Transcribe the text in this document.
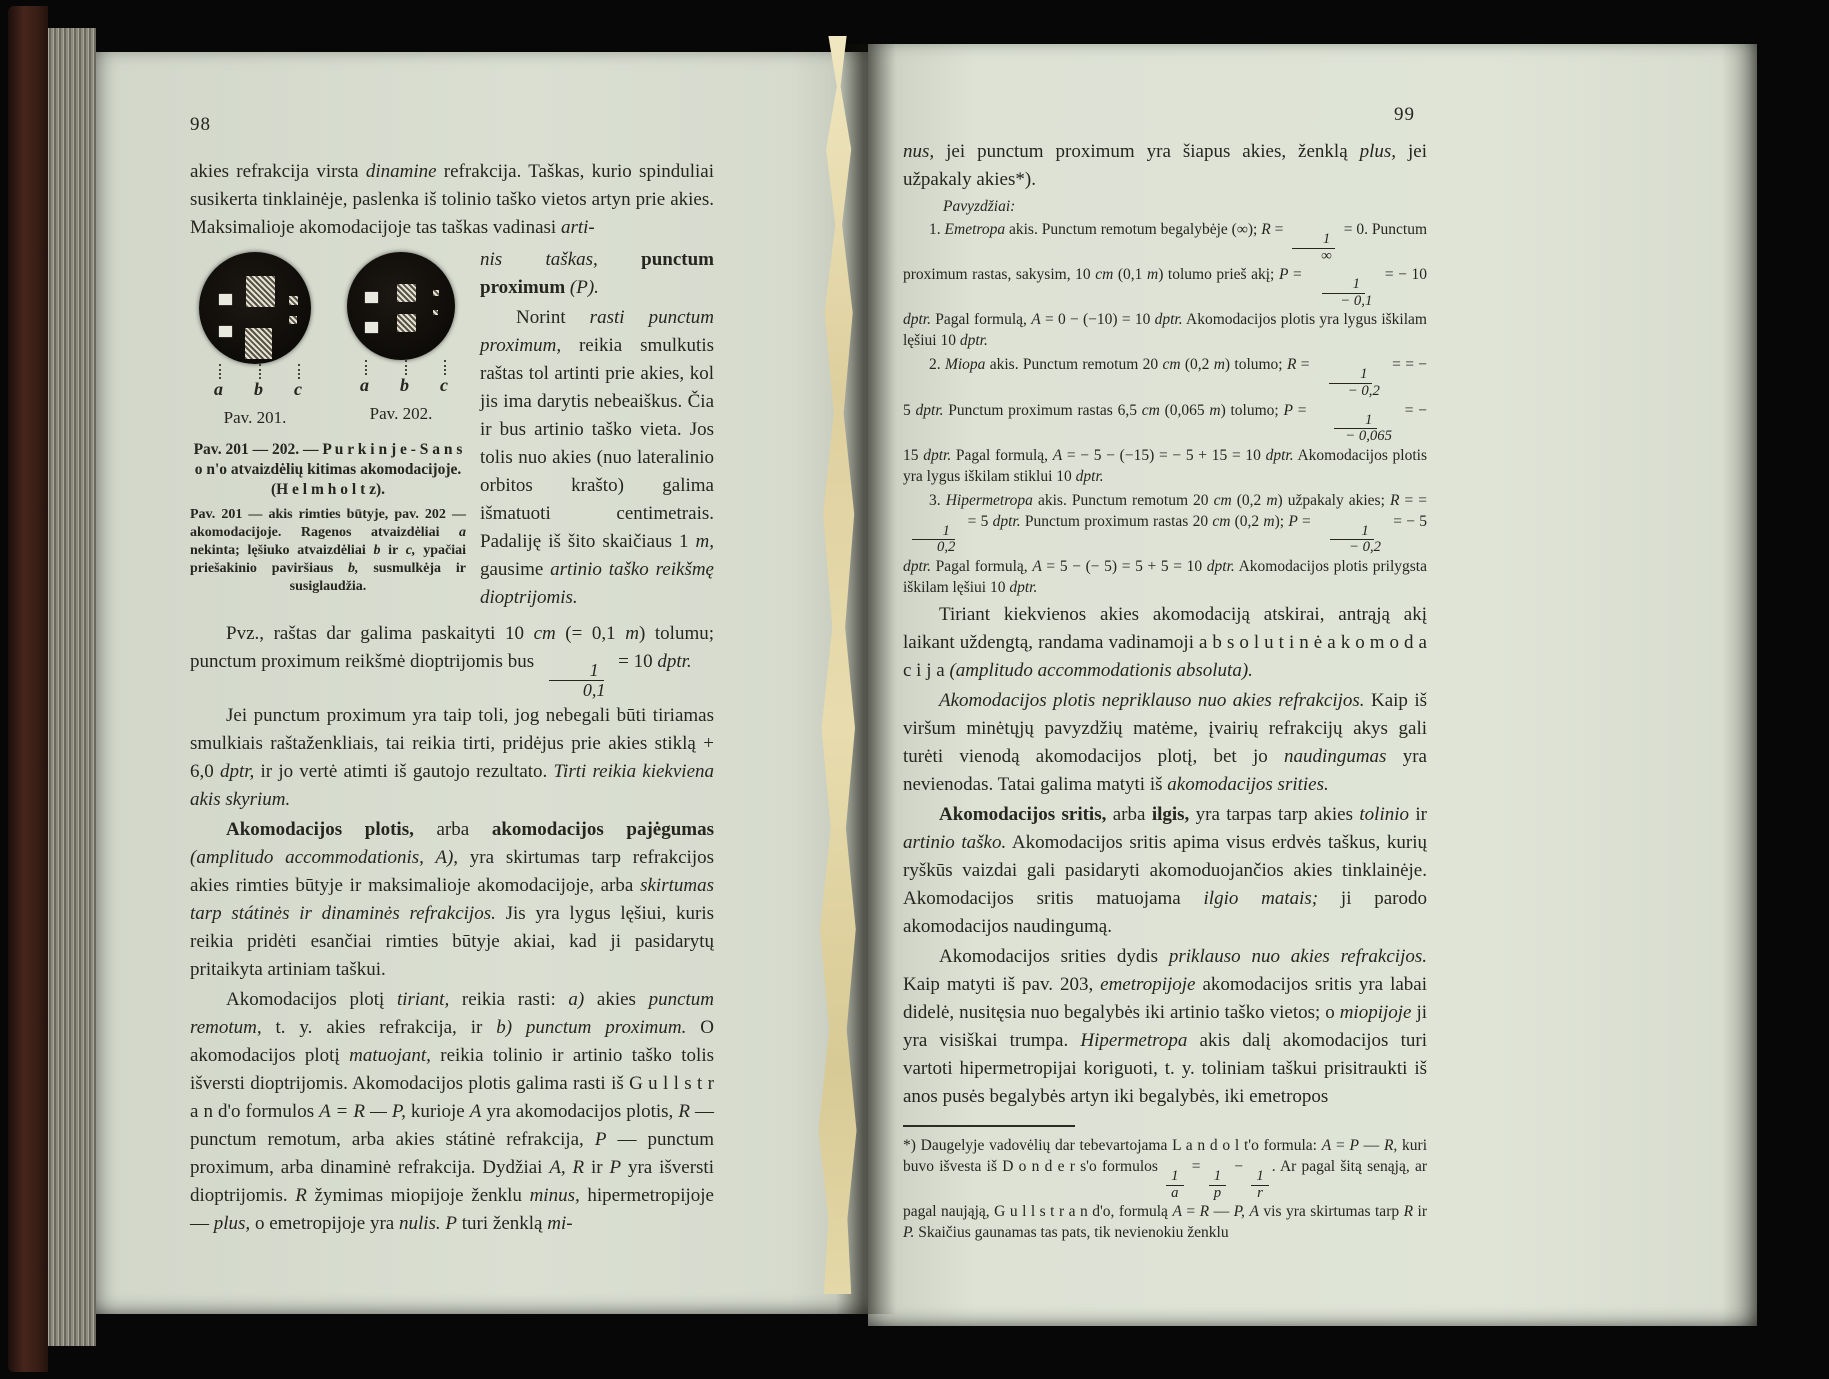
98	99

akies refrakcija virsta dinamine refrakcija. Taškas, kurio spinduliai susikerta tinklainėje, paslenka iš tolinio taško vietos artyn prie akies. Maksimalioje akomodacijoje tas taškas vadinasi arti-

a b c
Pav. 201.
a b c
Pav. 202.
Pav. 201 — 202. — P u r k i n j e - S a n s o n'o atvaizdėlių kitimas akomodacijoje. (H e l m h o l t z).
Pav. 201 — akis rimties būtyje, pav. 202 — akomodacijoje. Ragenos atvaizdėliai a nekinta; lęšiuko atvaizdėliai b ir c, ypačiai priešakinio paviršiaus b, susmulkėja ir susiglaudžia.

nis taškas, punctum proximum (P).

Norint rasti punctum proximum, reikia smulkutis raštas tol artinti prie akies, kol jis ima darytis nebeaiškus. Čia ir bus artinio taško vieta. Jos tolis nuo akies (nuo lateralinio orbitos krašto) galima išmatuoti centimetrais. Padaliję iš šito skaičiaus 1 m, gausime artinio taško reikšmę dioptrijomis.

Pvz., raštas dar galima paskaityti 10 cm (= 0,1 m) tolumu; punctum proximum reikšmė dioptrijomis bus $\frac{1}{0,1} = 10$ dptr.

Jei punctum proximum yra taip toli, jog nebegali būti tiriamas smulkiais raštaženkliais, tai reikia tirti, pridėjus prie akies stiklą + 6,0 dptr, ir jo vertė atimti iš gautojo rezultato. Tirti reikia kiekviena akis skyrium.

Akomodacijos plotis, arba akomodacijos pajėgumas (amplitudo accommodationis, A), yra skirtumas tarp refrakcijos akies rimties būtyje ir maksimalioje akomodacijoje, arba skirtumas tarp státinės ir dinaminės refrakcijos. Jis yra lygus lęšiui, kuris reikia pridėti esančiai rimties būtyje akiai, kad ji pasidarytų pritaikyta artiniam taškui.

Akomodacijos plotį tiriant, reikia rasti: a) akies punctum remotum, t. y. akies refrakcija, ir b) punctum proximum. O akomodacijos plotį matuojant, reikia tolinio ir artinio taško tolis išversti dioptrijomis. Akomodacijos plotis galima rasti iš G u l l s t r a n d'o formulos A = R — P, kurioje A yra akomodacijos plotis, R — punctum remotum, arba akies státinė refrakcija, P — punctum proximum, arba dinaminė refrakcija. Dydžiai A, R ir P yra išversti dioptrijomis. R žymimas miopijoje ženklu minus, hipermetropijoje — plus, o emetropijoje yra nulis. P turi ženklą mi-

nus, jei punctum proximum yra šiapus akies, ženklą plus, jei užpakaly akies*).

Pavyzdžiai:

1. Emetropa akis. Punctum remotum begalybėje (∞); R =
$\frac{1}{\infty}$
= 0. Punctum proximum rastas, sakysim, 10 cm (0,1 m) tolumo prieš akį; P =
$\frac{1}{- 0,1}$
= − 10 dptr. Pagal formulą, A = 0 − (−10) = 10 dptr. Akomodacijos plotis yra lygus iškilam lęšiui 10 dptr.

2. Miopa akis. Punctum remotum 20 cm (0,2 m) tolumo; R =
$\frac{1}{- 0,2}$
= = − 5 dptr. Punctum proximum rastas 6,5 cm (0,065 m) tolumo; P =
$\frac{1}{- 0,065}$
= − 15 dptr. Pagal formulą, A = − 5 − (−15) = − 5 + 15 = 10 dptr. Akomodacijos plotis yra lygus iškilam stiklui 10 dptr.

3. Hipermetropa akis. Punctum remotum 20 cm (0,2 m) užpakaly akies; R = =
$\frac{1}{0,2}$
= 5 dptr. Punctum proximum rastas 20 cm (0,2 m); P =
$\frac{1}{- 0,2}$
= − 5 dptr. Pagal formulą, A = 5 − (− 5) = 5 + 5 = 10 dptr. Akomodacijos plotis prilygsta iškilam lęšiui 10 dptr.

Tiriant kiekvienos akies akomodaciją atskirai, antrąją akį laikant uždengtą, randama vadinamoji a b s o l u t i n ė a k o m o d a c i j a (amplitudo accommodationis absoluta).

Akomodacijos plotis nepriklauso nuo akies refrakcijos. Kaip iš viršum minėtųjų pavyzdžių matėme, įvairių refrakcijų akys gali turėti vienodą akomodacijos plotį, bet jo naudingumas yra nevienodas. Tatai galima matyti iš akomodacijos srities.

Akomodacijos sritis, arba ilgis, yra tarpas tarp akies tolinio ir artinio taško. Akomodacijos sritis apima visus erdvės taškus, kurių ryškūs vaizdai gali pasidaryti akomoduojančios akies tinklainėje. Akomodacijos sritis matuojama ilgio matais; ji parodo akomodacijos naudingumą.

Akomodacijos srities dydis priklauso nuo akies refrakcijos. Kaip matyti iš pav. 203, emetropijoje akomodacijos sritis yra labai didelė, nusitęsia nuo begalybės iki artinio taško vietos; o miopijoje ji yra visiškai trumpa. Hipermetropa akis dalį akomodacijos turi vartoti hipermetropijai koriguoti, t. y. toliniam taškui prisitraukti iš anos pusės begalybės artyn iki begalybės, iki emetropos

*) Daugelyje vadovėlių dar tebevartojama L a n d o l t'o formula: A = P — R, kuri buvo išvesta iš D o n d e r s'o formulos
$\frac{1}{a}$
=
$\frac{1}{p}$
−
$\frac{1}{r}$
. Ar pagal šitą senąją, ar pagal naująją, G u l l s t r a n d'o, formulą A = R — P, A vis yra skirtumas tarp R ir P. Skaičius gaunamas tas pats, tik nevienokiu ženklu
